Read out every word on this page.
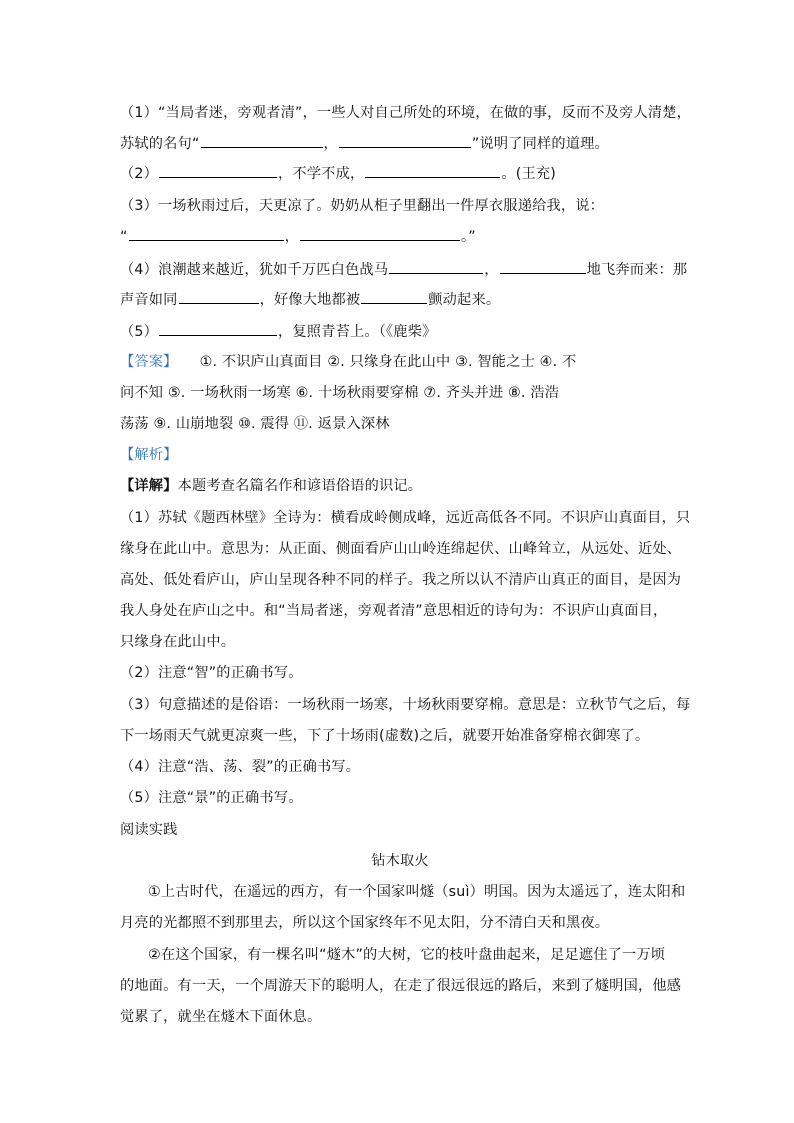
（1）“当局者迷，旁观者清”，一些人对自己所处的环境，在做的事，反而不及旁人清楚，
苏轼的名句“	，	”说明了同样的道理。
（2）	，不学不成，	。(王充)
（3）一场秋雨过后，天更凉了。奶奶从柜子里翻出一件厚衣服递给我，说：
“	，	。”
（4）浪潮越来越近，犹如千万匹白色战马	，	地飞奔而来：那
声音如同	，好像大地都被	颤动起来。
（5）	，复照青苔上。（《鹿柴》
【答案】 ①. 不识庐山真面目 ②. 只缘身在此山中 ③. 智能之士 ④. 不
问不知 ⑤. 一场秋雨一场寒 ⑥. 十场秋雨要穿棉 ⑦. 齐头并进 ⑧. 浩浩
荡荡 ⑨. 山崩地裂 ⑩. 震得 ⑪. 返景入深林
【解析】
【详解】本题考查名篇名作和谚语俗语的识记。
（1）苏轼《题西林壁》全诗为：横看成岭侧成峰，远近高低各不同。不识庐山真面目，只
缘身在此山中。意思为：从正面、侧面看庐山山岭连绵起伏、山峰耸立，从远处、近处、
高处、低处看庐山，庐山呈现各种不同的样子。我之所以认不清庐山真正的面目，是因为
我人身处在庐山之中。和“当局者迷，旁观者清”意思相近的诗句为：不识庐山真面目，
只缘身在此山中。
（2）注意“智”的正确书写。
（3）句意描述的是俗语：一场秋雨一场寒，十场秋雨要穿棉。意思是：立秋节气之后，每
下一场雨天气就更凉爽一些，下了十场雨(虚数)之后，就要开始准备穿棉衣御寒了。
（4）注意“浩、荡、裂”的正确书写。
（5）注意“景”的正确书写。
阅读实践
钻木取火
①上古时代，在遥远的西方，有一个国家叫燧（suì）明国。因为太遥远了，连太阳和
月亮的光都照不到那里去，所以这个国家终年不见太阳，分不清白天和黑夜。
②在这个国家，有一棵名叫“燧木”的大树，它的枝叶盘曲起来，足足遮住了一万顷
的地面。有一天，一个周游天下的聪明人，在走了很远很远的路后，来到了燧明国，他感
觉累了，就坐在燧木下面休息。
